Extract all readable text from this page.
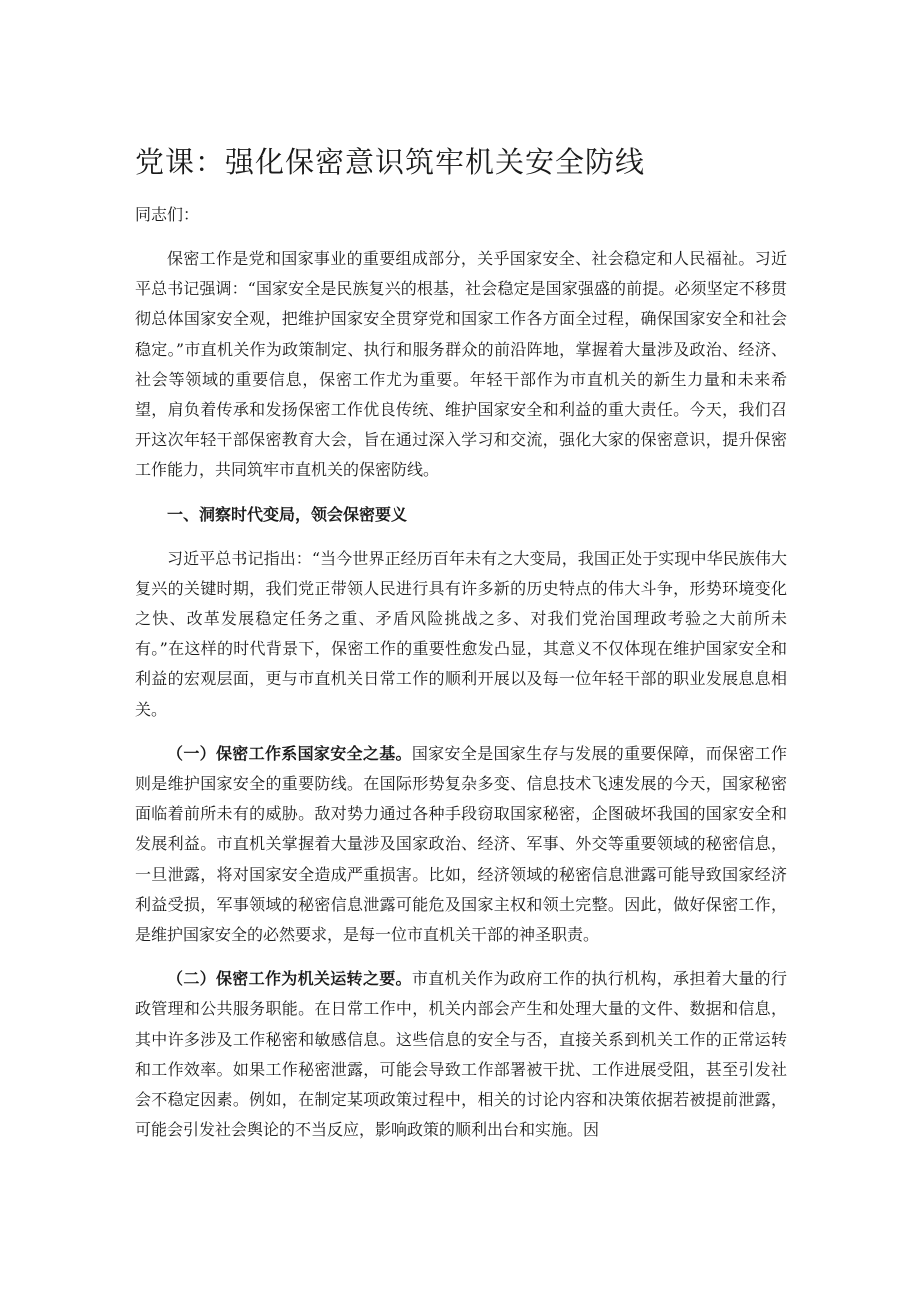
党课：强化保密意识筑牢机关安全防线

同志们：

保密工作是党和国家事业的重要组成部分，关乎国家安全、社会稳定和人民福祉。习近平总书记强调：“国家安全是民族复兴的根基，社会稳定是国家强盛的前提。必须坚定不移贯彻总体国家安全观，把维护国家安全贯穿党和国家工作各方面全过程，确保国家安全和社会稳定。”市直机关作为政策制定、执行和服务群众的前沿阵地，掌握着大量涉及政治、经济、社会等领域的重要信息，保密工作尤为重要。年轻干部作为市直机关的新生力量和未来希望，肩负着传承和发扬保密工作优良传统、维护国家安全和利益的重大责任。今天，我们召开这次年轻干部保密教育大会，旨在通过深入学习和交流，强化大家的保密意识，提升保密工作能力，共同筑牢市直机关的保密防线。

一、洞察时代变局，领会保密要义

习近平总书记指出：“当今世界正经历百年未有之大变局，我国正处于实现中华民族伟大复兴的关键时期，我们党正带领人民进行具有许多新的历史特点的伟大斗争，形势环境变化之快、改革发展稳定任务之重、矛盾风险挑战之多、对我们党治国理政考验之大前所未有。”在这样的时代背景下，保密工作的重要性愈发凸显，其意义不仅体现在维护国家安全和利益的宏观层面，更与市直机关日常工作的顺利开展以及每一位年轻干部的职业发展息息相关。

（一）保密工作系国家安全之基。国家安全是国家生存与发展的重要保障，而保密工作则是维护国家安全的重要防线。在国际形势复杂多变、信息技术飞速发展的今天，国家秘密面临着前所未有的威胁。敌对势力通过各种手段窃取国家秘密，企图破坏我国的国家安全和发展利益。市直机关掌握着大量涉及国家政治、经济、军事、外交等重要领域的秘密信息，一旦泄露，将对国家安全造成严重损害。比如，经济领域的秘密信息泄露可能导致国家经济利益受损，军事领域的秘密信息泄露可能危及国家主权和领土完整。因此，做好保密工作，是维护国家安全的必然要求，是每一位市直机关干部的神圣职责。

（二）保密工作为机关运转之要。市直机关作为政府工作的执行机构，承担着大量的行政管理和公共服务职能。在日常工作中，机关内部会产生和处理大量的文件、数据和信息，其中许多涉及工作秘密和敏感信息。这些信息的安全与否，直接关系到机关工作的正常运转和工作效率。如果工作秘密泄露，可能会导致工作部署被干扰、工作进展受阻，甚至引发社会不稳定因素。例如，在制定某项政策过程中，相关的讨论内容和决策依据若被提前泄露，可能会引发社会舆论的不当反应，影响政策的顺利出台和实施。因
